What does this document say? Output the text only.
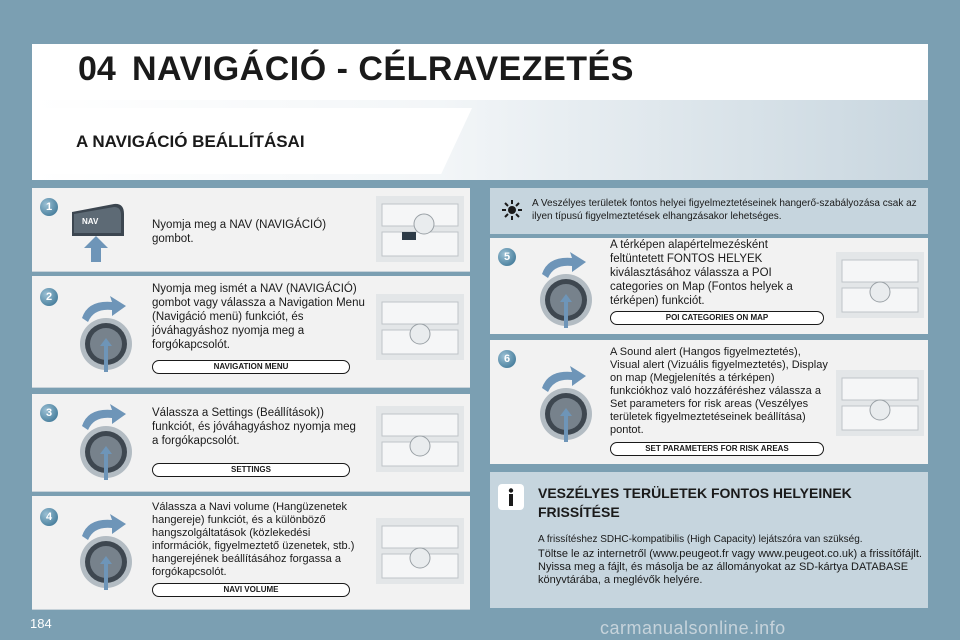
04 NAVIGÁCIÓ - CÉLRAVEZETÉS
A NAVIGÁCIÓ BEÁLLÍTÁSAI
1
NAV	Nyomja meg a NAV (NAVIGÁCIÓ) gombot.
2
Nyomja meg ismét a NAV (NAVIGÁCIÓ) gombot vagy válassza a Navigation Menu (Navigáció menü) funkciót, és jóváhagyáshoz nyomja meg a forgókapcsolót.
NAVIGATION MENU
3	Válassza a Settings (Beállítások)) funkciót, és jóváhagyáshoz nyomja meg a forgókapcsolót.
SETTINGS
4
Válassza a Navi volume (Hangüzenetek hangereje) funkciót, és a különböző hangszolgáltatások (közlekedési információk, figyelmeztető üzenetek, stb.) hangerejének beállításához forgassa a forgókapcsolót.
NAVI VOLUME
A Veszélyes területek fontos helyei figyelmeztetéseinek hangerő-szabályozása csak az ilyen típusú figyelmeztetések elhangzásakor lehetséges.
5
A térképen alapértelmezésként feltüntetett FONTOS HELYEK kiválasztásához válassza a POI categories on Map (Fontos helyek a térképen) funkciót.
POI CATEGORIES ON MAP
6
A Sound alert (Hangos figyelmeztetés), Visual alert (Vizuális figyelmeztetés), Display on map (Megjelenítés a térképen) funkciókhoz való hozzáféréshez válassza a Set parameters for risk areas (Veszélyes területek figyelmeztetéseinek beállítása) pontot.
SET PARAMETERS FOR RISK AREAS
VESZÉLYES TERÜLETEK FONTOS HELYEINEK FRISSÍTÉSE
A frissítéshez SDHC-kompatibilis (High Capacity) lejátszóra van szükség.
Töltse le az internetről (www.peugeot.fr vagy www.peugeot.co.uk) a frissítőfájlt.
Nyissa meg a fájlt, és másolja be az állományokat az SD-kártya DATABASE könyvtárába, a meglévők helyére.
184	carmanualsonline.info
